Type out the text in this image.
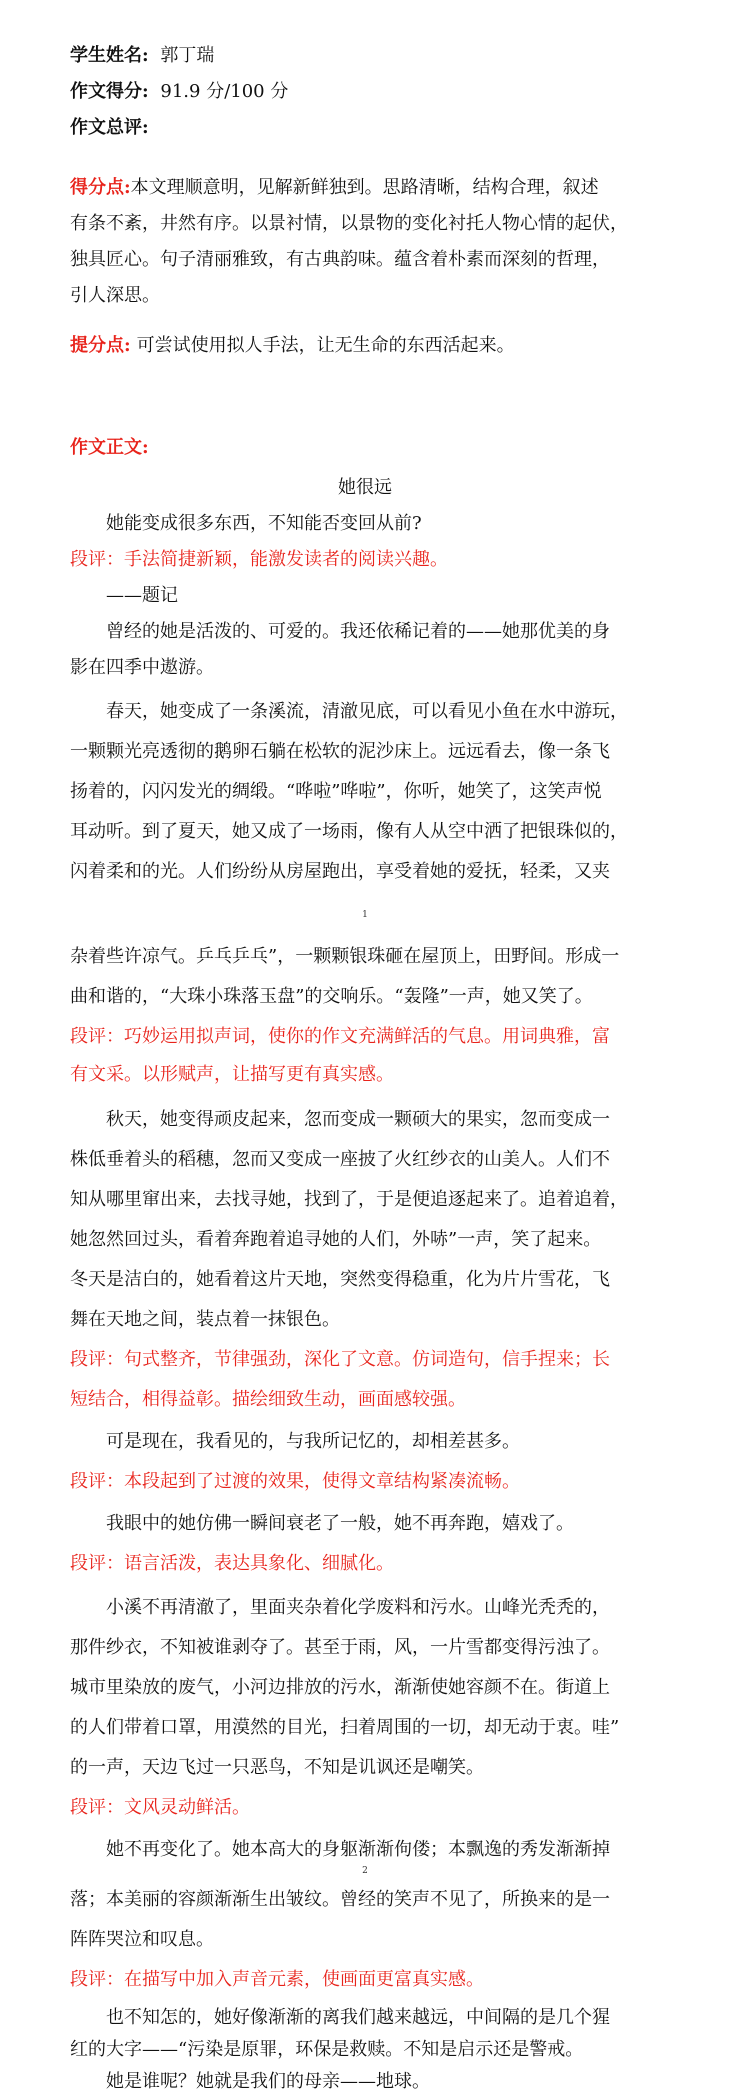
学生姓名: 郭丁瑞
作文得分: 91.9 分/100 分
作文总评:
得分点:本文理顺意明，见解新鲜独到。思路清晰，结构合理，叙述
有条不紊，井然有序。以景衬情，以景物的变化衬托人物心情的起伏，
独具匠心。句子清丽雅致，有古典韵味。蕴含着朴素而深刻的哲理，
引人深思。
提分点: 可尝试使用拟人手法，让无生命的东西活起来。
作文正文:
她很远
她能变成很多东西，不知能否变回从前?
段评：手法简捷新颖，能激发读者的阅读兴趣。
——题记
曾经的她是活泼的、可爱的。我还依稀记着的——她那优美的身
影在四季中遨游。
春天，她变成了一条溪流，清澈见底，可以看见小鱼在水中游玩，
一颗颗光亮透彻的鹅卵石躺在松软的泥沙床上。远远看去，像一条飞
扬着的，闪闪发光的绸缎。“哗啦”哗啦”，你听，她笑了，这笑声悦
耳动听。到了夏天，她又成了一场雨，像有人从空中洒了把银珠似的，
闪着柔和的光。人们纷纷从房屋跑出，享受着她的爱抚，轻柔，又夹
1
杂着些许凉气。乒乓乒乓”，一颗颗银珠砸在屋顶上，田野间。形成一
曲和谐的，“大珠小珠落玉盘”的交响乐。“轰隆”一声，她又笑了。
段评：巧妙运用拟声词，使你的作文充满鲜活的气息。用词典雅，富
有文采。以形赋声，让描写更有真实感。
秋天，她变得顽皮起来，忽而变成一颗硕大的果实，忽而变成一
株低垂着头的稻穗，忽而又变成一座披了火红纱衣的山美人。人们不
知从哪里窜出来，去找寻她，找到了，于是便追逐起来了。追着追着，
她忽然回过头，看着奔跑着追寻她的人们，外哧”一声，笑了起来。
冬天是洁白的，她看着这片天地，突然变得稳重，化为片片雪花，飞
舞在天地之间，装点着一抹银色。
段评：句式整齐，节律强劲，深化了文意。仿词造句，信手捏来；长
短结合，相得益彰。描绘细致生动，画面感较强。
可是现在，我看见的，与我所记忆的，却相差甚多。
段评：本段起到了过渡的效果，使得文章结构紧凑流畅。
我眼中的她仿佛一瞬间衰老了一般，她不再奔跑，嬉戏了。
段评：语言活泼，表达具象化、细腻化。
小溪不再清澈了，里面夹杂着化学废料和污水。山峰光秃秃的，
那件纱衣，不知被谁剥夺了。甚至于雨，风，一片雪都变得污浊了。
城市里染放的废气，小河边排放的污水，渐渐使她容颜不在。街道上
的人们带着口罩，用漠然的目光，扫着周围的一切，却无动于衷。哇”
的一声，天边飞过一只恶鸟，不知是讥讽还是嘲笑。
段评：文风灵动鲜活。
她不再变化了。她本高大的身躯渐渐佝偻；本飘逸的秀发渐渐掉
2
落；本美丽的容颜渐渐生出皱纹。曾经的笑声不见了，所换来的是一
阵阵哭泣和叹息。
段评：在描写中加入声音元素，使画面更富真实感。
也不知怎的，她好像渐渐的离我们越来越远，中间隔的是几个猩
红的大字——“污染是原罪，环保是救赎。不知是启示还是警戒。
她是谁呢？她就是我们的母亲——地球。
